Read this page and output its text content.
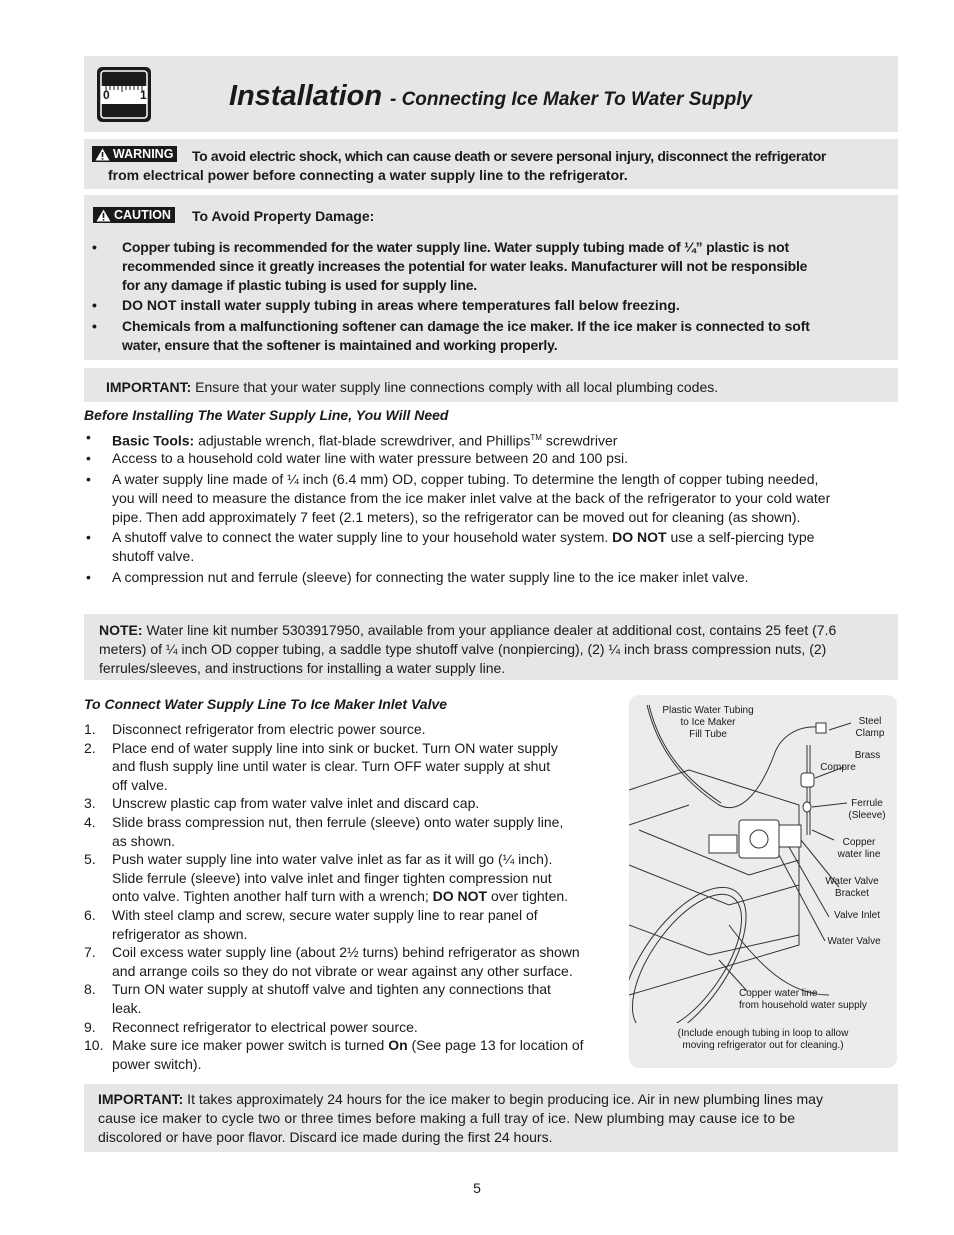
0	1	Installation - Connecting Ice Maker To Water Supply
WARNING To avoid electric shock, which can cause death or severe personal injury, disconnect the refrigerator
from electrical power before connecting a water supply line to the refrigerator.
CAUTION To Avoid Property Damage:
• Copper tubing is recommended for the water supply line. Water supply tubing made of ¼” plastic is not
recommended since it greatly increases the potential for water leaks. Manufacturer will not be responsible
for any damage if plastic tubing is used for supply line.
• DO NOT install water supply tubing in areas where temperatures fall below freezing.
• Chemicals from a malfunctioning softener can damage the ice maker. If the ice maker is connected to soft
water, ensure that the softener is maintained and working properly.
IMPORTANT: Ensure that your water supply line connections comply with all local plumbing codes.
Before Installing The Water Supply Line, You Will Need
• Basic Tools: adjustable wrench, flat-blade screwdriver, and Phillips™ screwdriver
• Access to a household cold water line with water pressure between 20 and 100 psi.
• A water supply line made of ¼ inch (6.4 mm) OD, copper tubing. To determine the length of copper tubing needed,
you will need to measure the distance from the ice maker inlet valve at the back of the refrigerator to your cold water
pipe. Then add approximately 7 feet (2.1 meters), so the refrigerator can be moved out for cleaning (as shown).
• A shutoff valve to connect the water supply line to your household water system. DO NOT use a self-piercing type
shutoff valve.
• A compression nut and ferrule (sleeve) for connecting the water supply line to the ice maker inlet valve.
NOTE: Water line kit number 5303917950, available from your appliance dealer at additional cost, contains 25 feet (7.6
meters) of ¼ inch OD copper tubing, a saddle type shutoff valve (nonpiercing), (2) ¼ inch brass compression nuts, (2)
ferrules/sleeves, and instructions for installing a water supply line.
To Connect Water Supply Line To Ice Maker Inlet Valve
1.	Disconnect refrigerator from electric power source.
2.	Place end of water supply line into sink or bucket. Turn ON water supply
and flush supply line until water is clear. Turn OFF water supply at shut
off valve.
3.	Unscrew plastic cap from water valve inlet and discard cap.
4.	Slide brass compression nut, then ferrule (sleeve) onto water supply line,
as shown.
5.	Push water supply line into water valve inlet as far as it will go (¼ inch).
Slide ferrule (sleeve) into valve inlet and finger tighten compression nut
onto valve. Tighten another half turn with a wrench; DO NOT over tighten.
6.	With steel clamp and screw, secure water supply line to rear panel of
refrigerator as shown.
7.	Coil excess water supply line (about 2½ turns) behind refrigerator as shown
and arrange coils so they do not vibrate or wear against any other surface.
8.	Turn ON water supply at shutoff valve and tighten any connections that
leak.
9.	Reconnect refrigerator to electrical power source.
10. Make sure ice maker power switch is turned On (See page 13 for location of
power switch).
Plastic Water Tubing
to Ice Maker
Fill Tube
Steel
Clamp
Brass
Compre
Ferrule
(Sleeve)
Copper
water line
Water Valve
Bracket
Valve Inlet
Water Valve
Copper water line
from household water supply
(Include enough tubing in loop to allow
moving refrigerator out for cleaning.)
IMPORTANT: It takes approximately 24 hours for the ice maker to begin producing ice. Air in new plumbing lines may
cause ice maker to cycle two or three times before making a full tray of ice. New plumbing may cause ice to be
discolored or have poor flavor. Discard ice made during the first 24 hours.
5
